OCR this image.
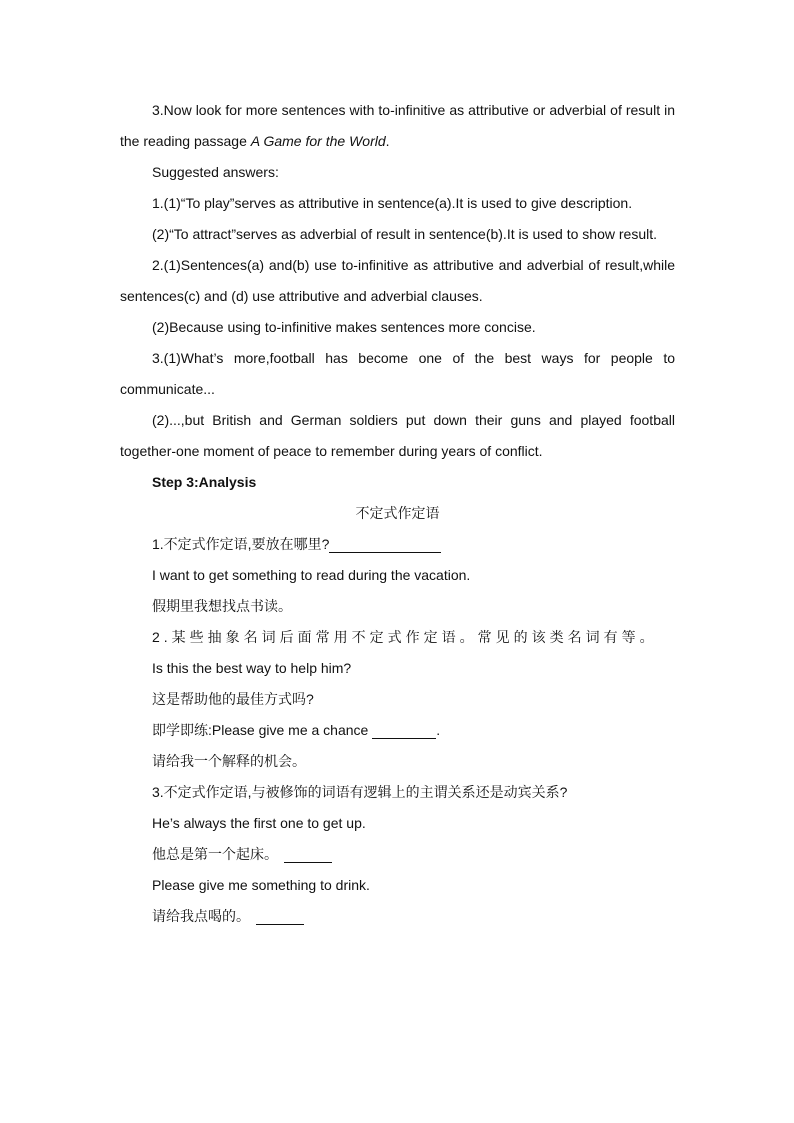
3.Now look for more sentences with to-infinitive as attributive or adverbial of result in the reading passage A Game for the World.

Suggested answers:

1.(1)“To play”serves as attributive in sentence(a).It is used to give description.

(2)“To attract”serves as adverbial of result in sentence(b).It is used to show result.

2.(1)Sentences(a) and(b) use to-infinitive as attributive and adverbial of result,while sentences(c) and (d) use attributive and adverbial clauses.

(2)Because using to-infinitive makes sentences more concise.

3.(1)What’s more,football has become one of the best ways for people to communicate...

(2)...,but British and German soldiers put down their guns and played football together-one moment of peace to remember during years of conflict.

Step 3:Analysis

不定式作定语

1.不定式作定语,要放在哪里?

I want to get something to read during the vacation.

假期里我想找点书读。

2.某些抽象名词后面常用不定式作定语。常见的该类名词有等。

Is this the best way to help him?

这是帮助他的最佳方式吗?

即学即练:Please give me a chance	.

请给我一个解释的机会。

3.不定式作定语,与被修饰的词语有逻辑上的主谓关系还是动宾关系?

He’s always the first one to get up.

他总是第一个起床。

Please give me something to drink.

请给我点喝的。
